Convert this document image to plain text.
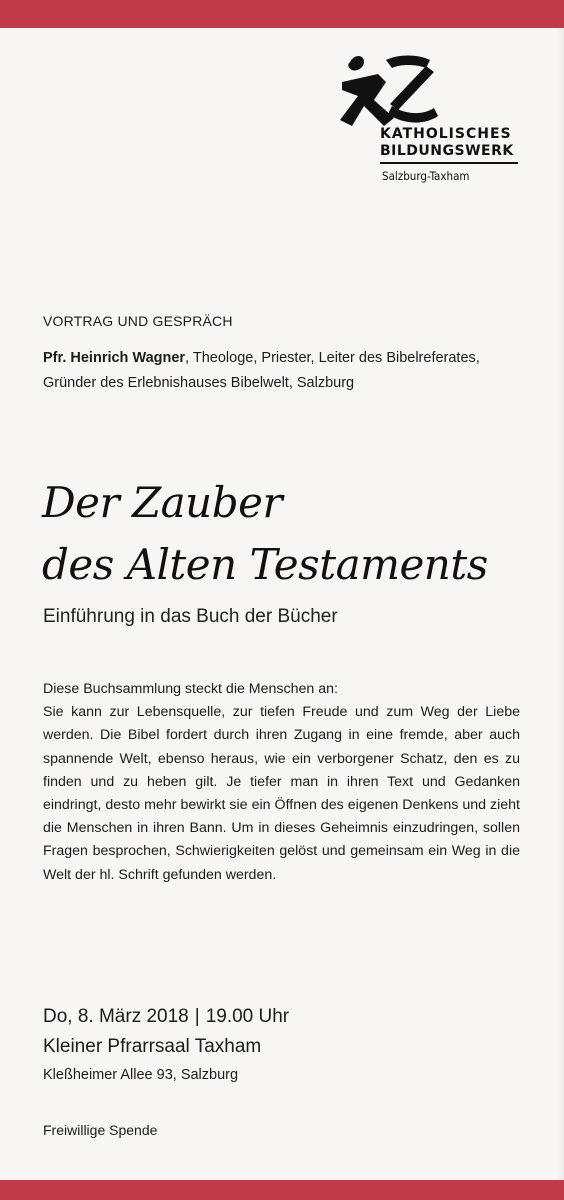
KATHOLISCHES
BILDUNGSWERK
Salzburg-Taxham
VORTRAG UND GESPRÄCH
Pfr. Heinrich Wagner, Theologe, Priester, Leiter des Bibelreferates, Gründer des Erlebnishauses Bibelwelt, Salzburg
Der Zauber
des Alten Testaments
Einführung in das Buch der Bücher

Diese Buchsammlung steckt die Menschen an:

Sie kann zur Lebensquelle, zur tiefen Freude und zum Weg der Liebe werden. Die Bibel fordert durch ihren Zugang in eine fremde, aber auch spannende Welt, ebenso heraus, wie ein verborgener Schatz, den es zu finden und zu heben gilt. Je tiefer man in ihren Text und Gedanken eindringt, desto mehr bewirkt sie ein Öffnen des eigenen Denkens und zieht die Menschen in ihren Bann. Um in dieses Geheimnis einzudringen, sollen Fragen besprochen, Schwierigkeiten gelöst und gemeinsam ein Weg in die Welt der hl. Schrift gefunden werden.

Do, 8. März 2018 | 19.00 Uhr
Kleiner Pfrarrsaal Taxham
Kleßheimer Allee 93, Salzburg
Freiwillige Spende
